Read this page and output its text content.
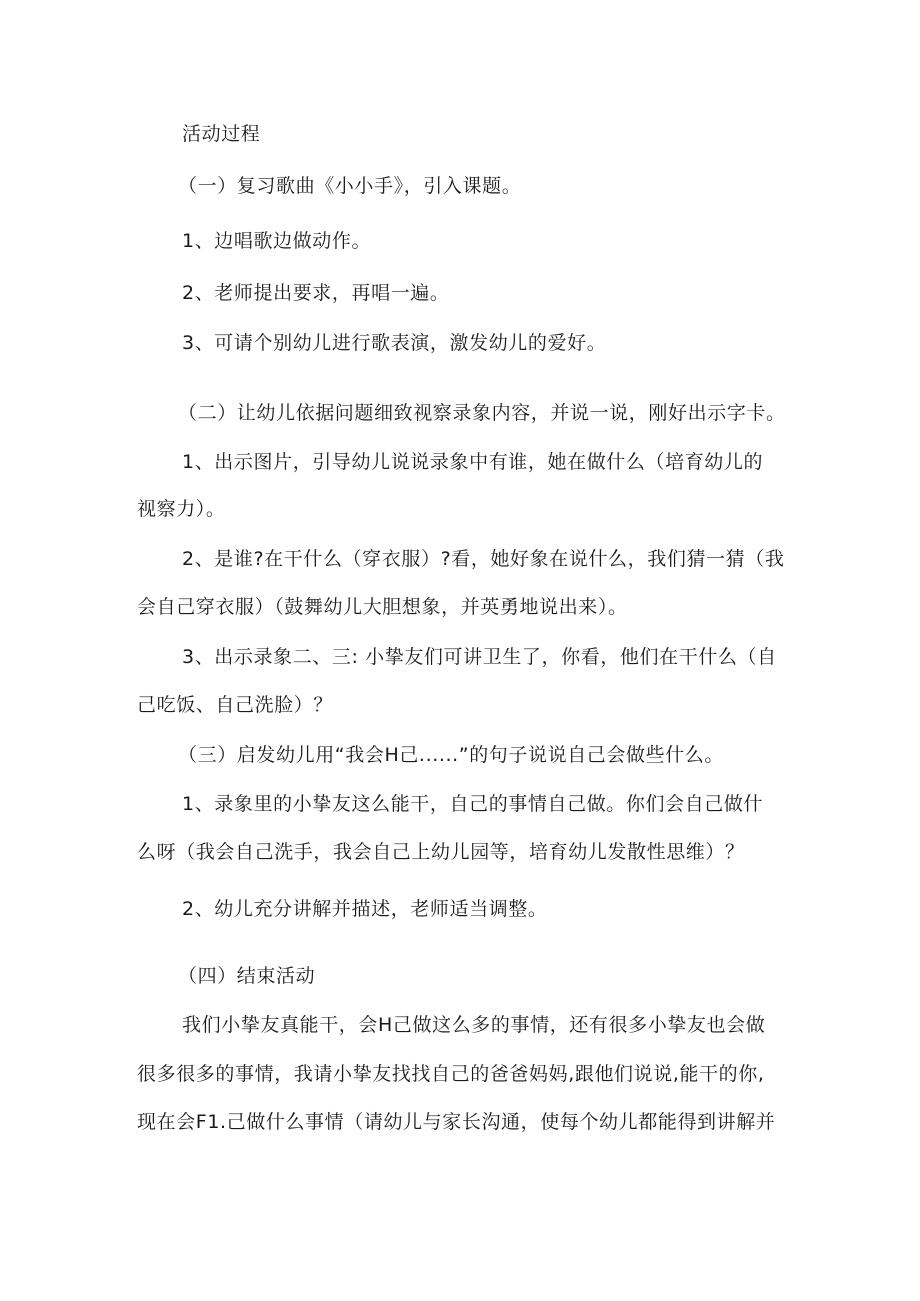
活动过程
（一）复习歌曲《小小手》，引入课题。
1、边唱歌边做动作。
2、老师提出要求，再唱一遍。
3、可请个别幼儿进行歌表演，激发幼儿的爱好。
（二）让幼儿依据问题细致视察录象内容，并说一说，刚好出示字卡。
1、出示图片，引导幼儿说说录象中有谁，她在做什么（培育幼儿的
视察力）。
2、是谁?在干什么（穿衣服）?看，她好象在说什么，我们猜一猜（我
会自己穿衣服）（鼓舞幼儿大胆想象，并英勇地说出来）。
3、出示录象二、三: 小挚友们可讲卫生了，你看，他们在干什么（自
己吃饭、自己洗脸）？
（三）启发幼儿用“我会H己......”的句子说说自己会做些什么。
1、录象里的小挚友这么能干，自己的事情自己做。你们会自己做什
么呀（我会自己洗手，我会自己上幼儿园等，培育幼儿发散性思维）？
2、幼儿充分讲解并描述，老师适当调整。
（四）结束活动
我们小挚友真能干，会H己做这么多的事情，还有很多小挚友也会做
很多很多的事情，我请小挚友找找自己的爸爸妈妈,跟他们说说,能干的你,
现在会F1.己做什么事情（请幼儿与家长沟通，使每个幼儿都能得到讲解并
